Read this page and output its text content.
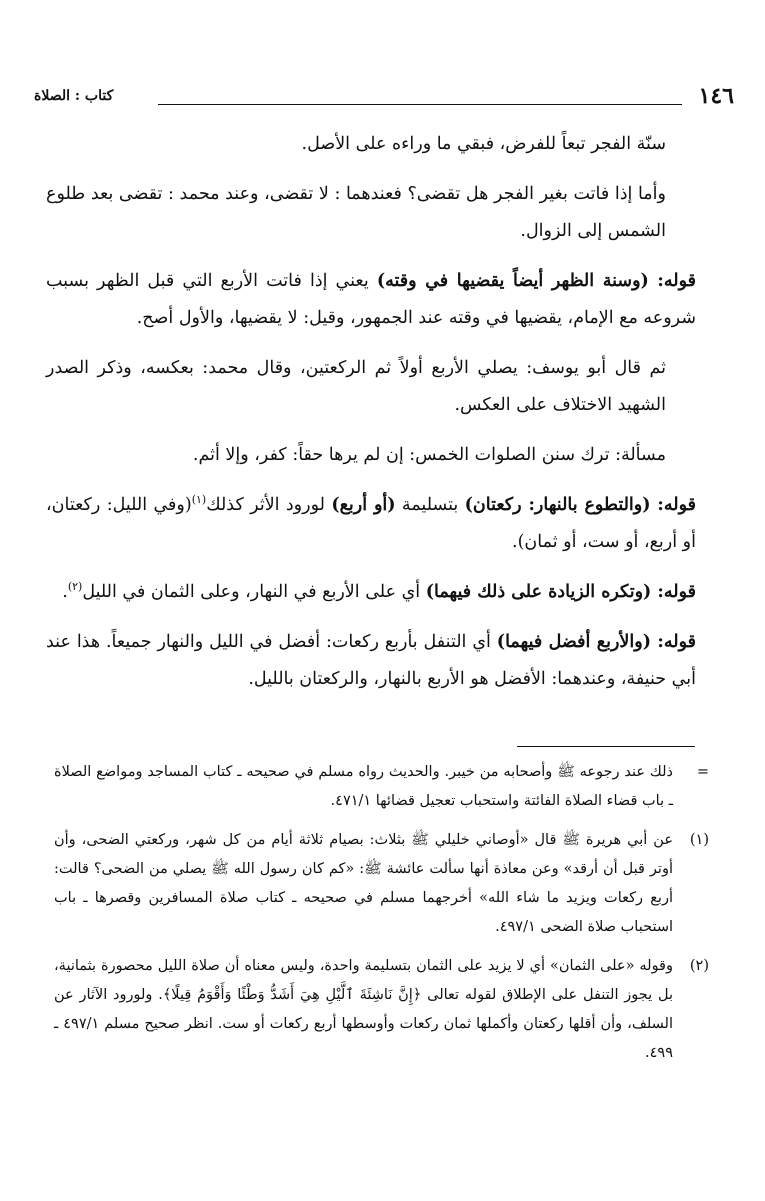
١٤٦
كتاب : الصلاة

سنّة الفجر تبعاً للفرض، فبقي ما وراءه على الأصل.

وأما إذا فاتت بغير الفجر هل تقضى؟ فعندهما : لا تقضى، وعند محمد : تقضى بعد طلوع الشمس إلى الزوال.

قوله: (وسنة الظهر أيضاً يقضيها في وقته) يعني إذا فاتت الأربع التي قبل الظهر بسبب شروعه مع الإمام، يقضيها في وقته عند الجمهور، وقيل: لا يقضيها، والأول أصح.

ثم قال أبو يوسف: يصلي الأربع أولاً ثم الركعتين، وقال محمد: بعكسه، وذكر الصدر الشهيد الاختلاف على العكس.

مسألة: ترك سنن الصلوات الخمس: إن لم يرها حقاً: كفر، وإلا أثم.

قوله: (والتطوع بالنهار: ركعتان) بتسليمة (أو أربع) لورود الأثر كذلك$^{(١)}$(وفي الليل: ركعتان، أو أربع، أو ست، أو ثمان).

قوله: (وتكره الزيادة على ذلك فيهما) أي على الأربع في النهار، وعلى الثمان في الليل$^{(٢)}$.

قوله: (والأربع أفضل فيهما) أي التنفل بأربع ركعات: أفضل في الليل والنهار جميعاً. هذا عند أبي حنيفة، وعندهما: الأفضل هو الأربع بالنهار، والركعتان بالليل.

=
ذلك عند رجوعه ﷺ وأصحابه من خيبر. والحديث رواه مسلم في صحيحه ـ كتاب المساجد ومواضع الصلاة ـ باب قضاء الصلاة الفائتة واستحباب تعجيل قضائها ٤٧١/١.
(١)
عن أبي هريرة ﷺ قال «أوصاني خليلي ﷺ بثلاث: بصيام ثلاثة أيام من كل شهر، وركعتي الضحى، وأن أوتر قبل أن أرقد» وعن معاذة أنها سألت عائشة ﷺ: «كم كان رسول الله ﷺ يصلي من الضحى؟ قالت: أربع ركعات ويزيد ما شاء الله» أخرجهما مسلم في صحيحه ـ كتاب صلاة المسافرين وقصرها ـ باب استحباب صلاة الضحى ٤٩٧/١.
(٢)
وقوله «على الثمان» أي لا يزيد على الثمان بتسليمة واحدة، وليس معناه أن صلاة الليل محصورة بثمانية، بل يجوز التنفل على الإطلاق لقوله تعالى ﴿إِنَّ نَاشِئَةَ ٱلَّيْلِ هِيَ أَشَدُّ وَطْئًا وَأَقْوَمُ قِيلًا﴾. ولورود الآثار عن السلف، وأن أقلها ركعتان وأكملها ثمان ركعات وأوسطها أربع ركعات أو ست. انظر صحيح مسلم ٤٩٧/١ ـ ٤٩٩.
